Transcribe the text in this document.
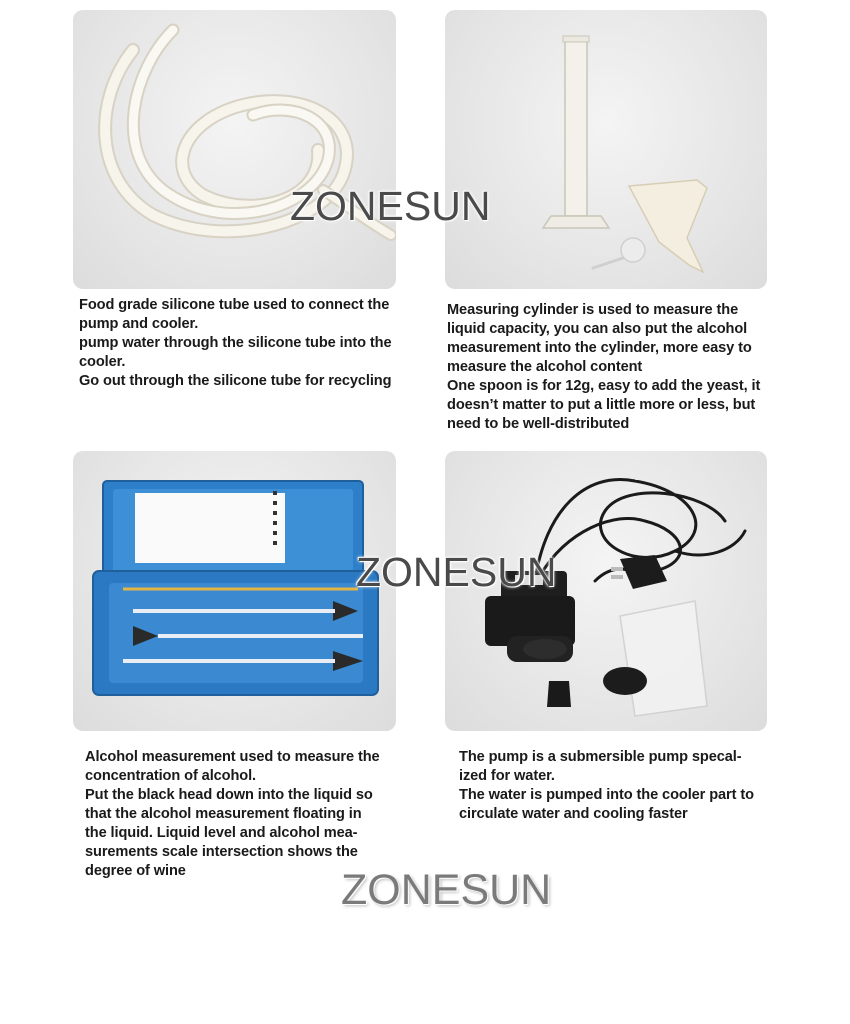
Food grade silicone tube used to connect the

pump and cooler.

pump water through the silicone tube into the

cooler.

Go out through the silicone tube for recycling

Measuring cylinder is used to measure the

liquid capacity, you can also put the alcohol

measurement into the cylinder, more easy to

measure the alcohol content

One spoon is for 12g, easy to add the yeast, it

doesn’t matter to put a little more or less, but

need to be well-distributed

Alcohol measurement used to measure the

concentration of alcohol.

Put the black head down into the liquid so

that the alcohol measurement floating in

the liquid. Liquid level and alcohol mea-

surements scale intersection shows the

degree of wine

The pump is a submersible pump specal-

ized for water.

The water is pumped into the cooler part to

circulate water and cooling faster

ZONESUN
ZONESUN
ZONESUN
